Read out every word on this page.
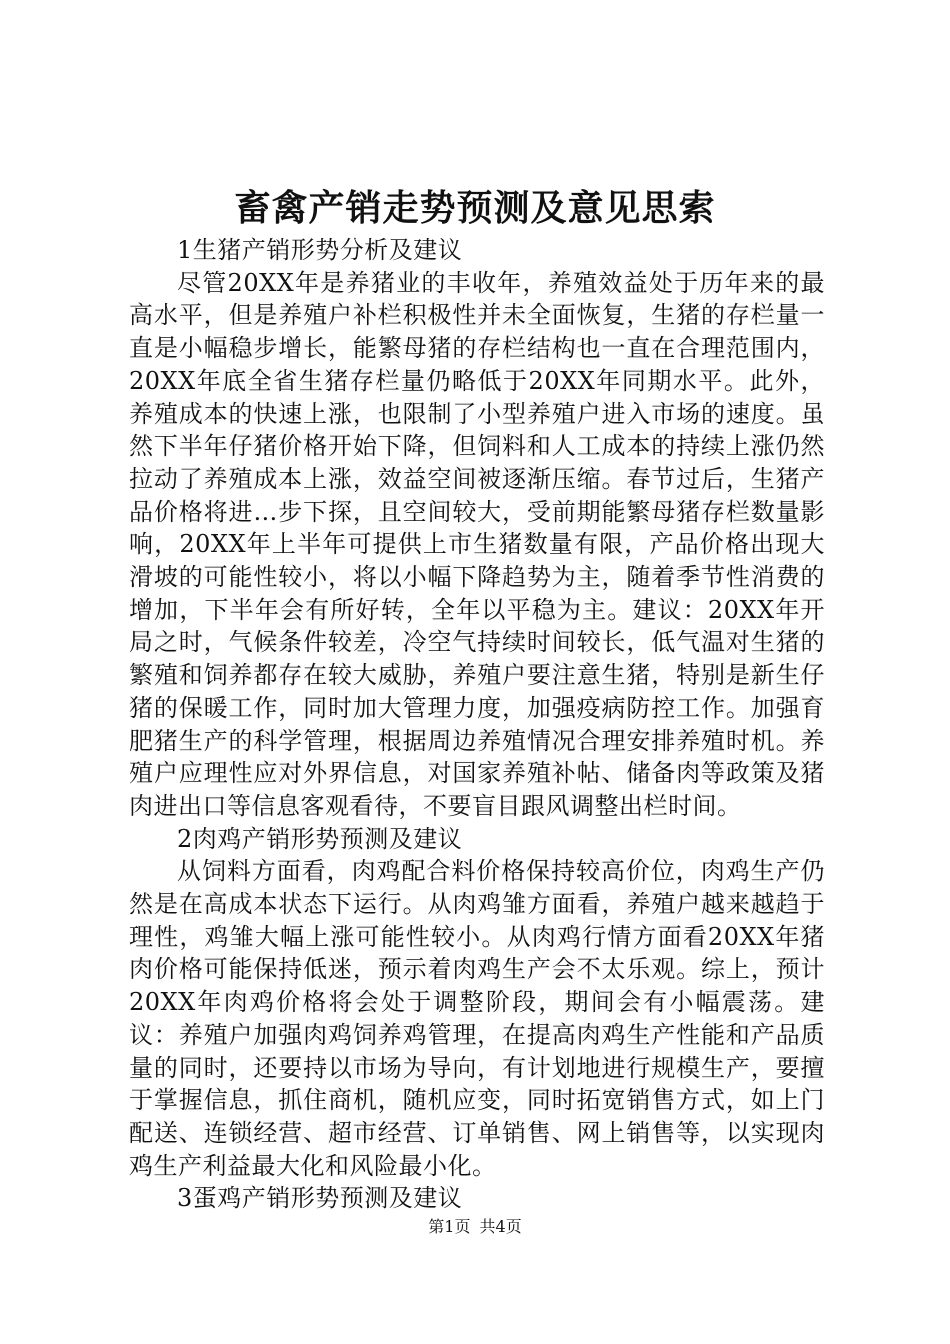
畜禽产销走势预测及意见思索

1生猪产销形势分析及建议

尽管20XX年是养猪业的丰收年，养殖效益处于历年来的最高水平，但是养殖户补栏积极性并未全面恢复，生猪的存栏量一直是小幅稳步增长，能繁母猪的存栏结构也一直在合理范围内，20XX年底全省生猪存栏量仍略低于20XX年同期水平。此外，养殖成本的快速上涨，也限制了小型养殖户进入市场的速度。虽然下半年仔猪价格开始下降，但饲料和人工成本的持续上涨仍然拉动了养殖成本上涨，效益空间被逐渐压缩。春节过后，生猪产品价格将进…步下探，且空间较大，受前期能繁母猪存栏数量影响，20XX年上半年可提供上市生猪数量有限，产品价格出现大滑坡的可能性较小，将以小幅下降趋势为主，随着季节性消费的增加，下半年会有所好转，全年以平稳为主。建议：20XX年开局之时，气候条件较差，冷空气持续时间较长，低气温对生猪的繁殖和饲养都存在较大威胁，养殖户要注意生猪，特别是新生仔猪的保暖工作，同时加大管理力度，加强疫病防控工作。加强育肥猪生产的科学管理，根据周边养殖情况合理安排养殖时机。养殖户应理性应对外界信息，对国家养殖补帖、储备肉等政策及猪肉进出口等信息客观看待，不要盲目跟风调整出栏时间。

2肉鸡产销形势预测及建议

从饲料方面看，肉鸡配合料价格保持较高价位，肉鸡生产仍然是在高成本状态下运行。从肉鸡雏方面看，养殖户越来越趋于理性，鸡雏大幅上涨可能性较小。从肉鸡行情方面看20XX年猪肉价格可能保持低迷，预示着肉鸡生产会不太乐观。综上，预计20XX年肉鸡价格将会处于调整阶段，期间会有小幅震荡。建议：养殖户加强肉鸡饲养鸡管理，在提高肉鸡生产性能和产品质量的同时，还要持以市场为导向，有计划地进行规模生产，要擅于掌握信息，抓住商机，随机应变，同时拓宽销售方式，如上门配送、连锁经营、超市经营、订单销售、网上销售等，以实现肉鸡生产利益最大化和风险最小化。

3蛋鸡产销形势预测及建议

第1页 共4页
